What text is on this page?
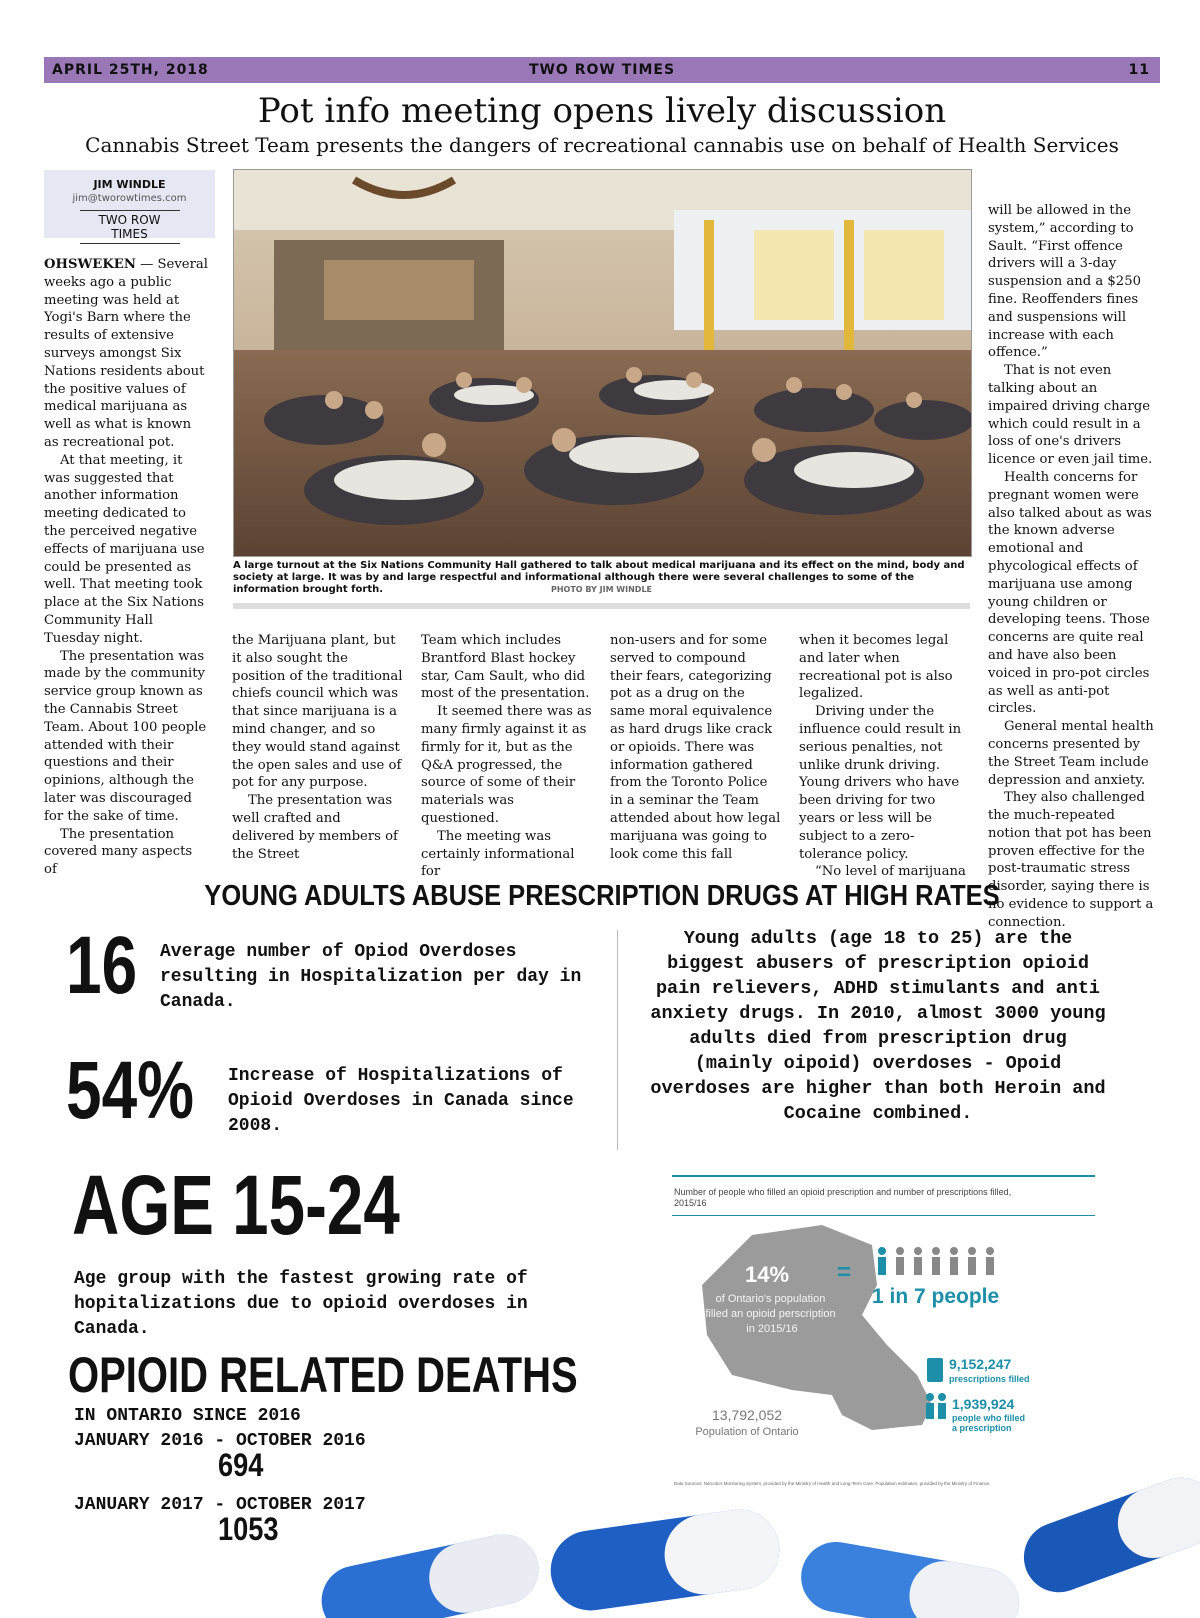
APRIL 25TH, 2018	TWO ROW TIMES	11
Pot info meeting opens lively discussion
Cannabis Street Team presents the dangers of recreational cannabis use on behalf of Health Services
JIM WINDLE
jim@tworowtimes.com
TWO ROW TIMES

OHSWEKEN — Several weeks ago a public meeting was held at Yogi's Barn where the results of extensive surveys amongst Six Nations residents about the positive values of medical marijuana as well as what is known as recreational pot.

At that meeting, it was suggested that another information meeting dedicated to the perceived negative effects of marijuana use could be presented as well. That meeting took place at the Six Nations Community Hall Tuesday night.

The presentation was made by the community service group known as the Cannabis Street Team. About 100 people attended with their questions and their opinions, although the later was discouraged for the sake of time.

The presentation covered many aspects of

A large turnout at the Six Nations Community Hall gathered to talk about medical marijuana and its effect on the mind, body and society at large. It was by and large respectful and informational although there were several challenges to some of the information brought forth.	PHOTO BY JIM WINDLE

the Marijuana plant, but it also sought the position of the traditional chiefs council which was that since marijuana is a mind changer, and so they would stand against the open sales and use of pot for any purpose.

The presentation was well crafted and delivered by members of the Street

Team which includes Brantford Blast hockey star, Cam Sault, who did most of the presentation.

It seemed there was as many firmly against it as firmly for it, but as the Q&A progressed, the source of some of their materials was questioned.

The meeting was certainly informational for

non-users and for some served to compound their fears, categorizing pot as a drug on the same moral equivalence as hard drugs like crack or opioids. There was information gathered from the Toronto Police in a seminar the Team attended about how legal marijuana was going to look come this fall

when it becomes legal and later when recreational pot is also legalized.

Driving under the influence could result in serious penalties, not unlike drunk driving. Young drivers who have been driving for two years or less will be subject to a zero-tolerance policy.

“No level of marijuana

will be allowed in the system,” according to Sault. “First offence drivers will a 3-day suspension and a $250 fine. Reoffenders fines and suspensions will increase with each offence.”

That is not even talking about an impaired driving charge which could result in a loss of one's drivers licence or even jail time.

Health concerns for pregnant women were also talked about as was the known adverse emotional and phycological effects of marijuana use among young children or developing teens. Those concerns are quite real and have also been voiced in pro-pot circles as well as anti-pot circles.

General mental health concerns presented by the Street Team include depression and anxiety.

They also challenged the much-repeated notion that pot has been proven effective for the post-traumatic stress disorder, saying there is no evidence to support a connection.

YOUNG ADULTS ABUSE PRESCRIPTION DRUGS AT HIGH RATES
16 Average number of Opiod Overdoses resulting in Hospitalization per day in Canada.
54% Increase of Hospitalizations of Opioid Overdoses in Canada since 2008.
AGE 15-24
Age group with the fastest growing rate of hopitalizations due to opioid overdoses in Canada.
OPIOID RELATED DEATHS
IN ONTARIO SINCE 2016
JANUARY 2016 - OCTOBER 2016
694
JANUARY 2017 - OCTOBER 2017
1053
Young adults (age 18 to 25) are the biggest abusers of prescription opioid pain relievers, ADHD stimulants and anti anxiety drugs. In 2010, almost 3000 young adults died from prescription drug (mainly oipoid) overdoses - Opoid overdoses are higher than both Heroin and Cocaine combined.
Number of people who filled an opioid prescription and number of prescriptions filled, 2015/16
14%
of Ontario's population filled an opioid perscription in 2015/16
=
1 in 7 people
9,152,247
prescriptions filled
1,939,924
people who filled a prescription
13,792,052
Population of Ontario
Data Sources: Narcotics Monitoring System, provided by the Ministry of Health and Long-Term Care. Population estimates, provided by the Ministry of Finance.
